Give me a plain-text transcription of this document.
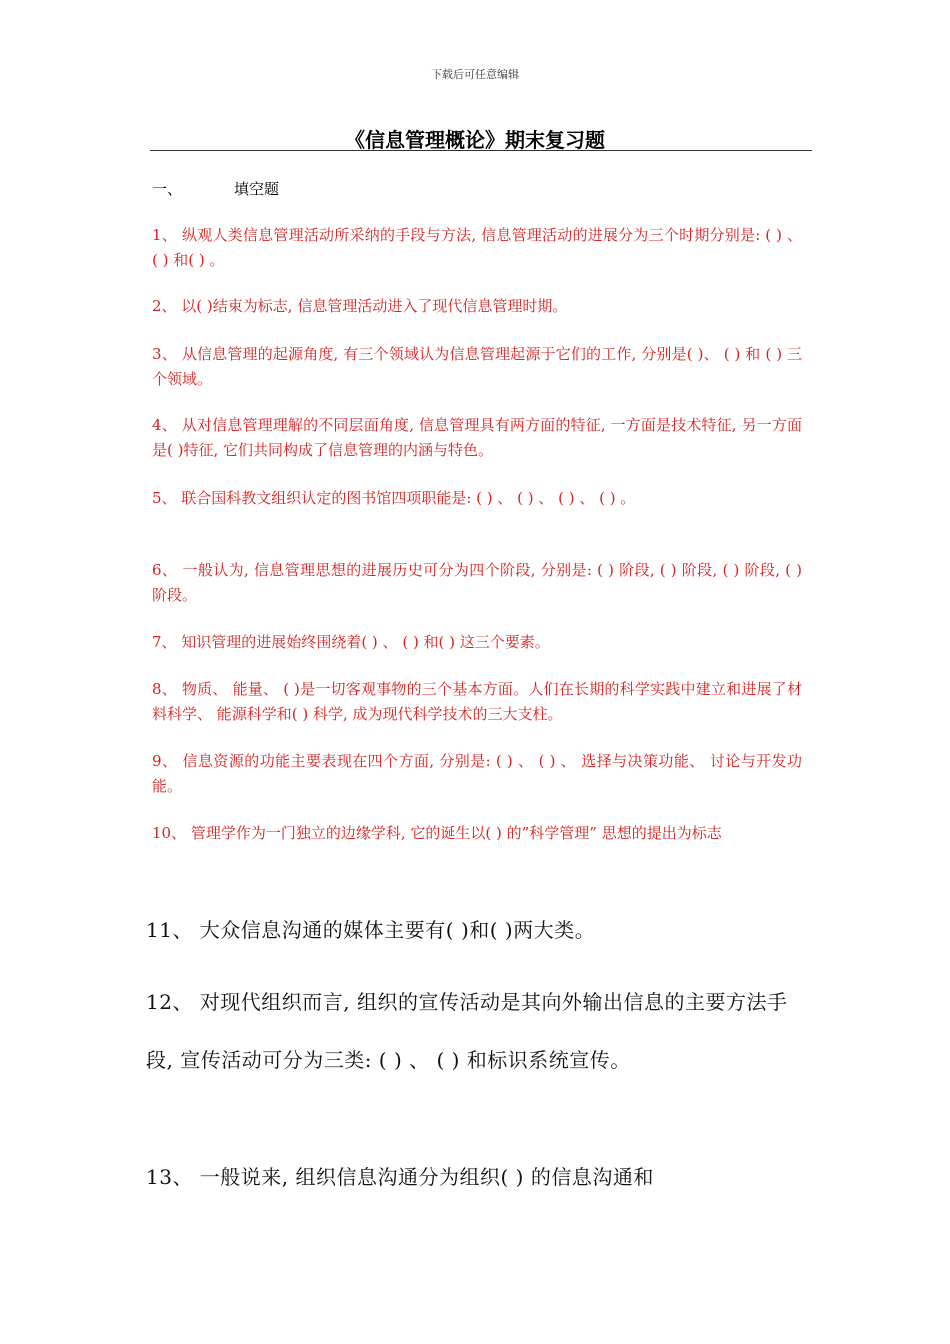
下载后可任意编辑
《信息管理概论》期末复习题
一、	填空题
1、 纵观人类信息管理活动所采纳的手段与方法, 信息管理活动的进展分为三个时期分别是: ( ) 、 ( ) 和( ) 。
2、 以( )结束为标志, 信息管理活动进入了现代信息管理时期。
3、 从信息管理的起源角度, 有三个领域认为信息管理起源于它们的工作, 分别是( )、 ( ) 和 ( ) 三个领域。
4、 从对信息管理理解的不同层面角度, 信息管理具有两方面的特征, 一方面是技术特征, 另一方面是( )特征, 它们共同构成了信息管理的内涵与特色。
5、 联合国科教文组织认定的图书馆四项职能是: ( ) 、 ( ) 、 ( ) 、 ( ) 。
6、 一般认为, 信息管理思想的进展历史可分为四个阶段, 分别是: ( ) 阶段, ( ) 阶段, ( ) 阶段, ( ) 阶段。
7、 知识管理的进展始终围绕着( ) 、 ( ) 和( ) 这三个要素。
8、 物质、 能量、 ( )是一切客观事物的三个基本方面。人们在长期的科学实践中建立和进展了材料科学、 能源科学和( ) 科学, 成为现代科学技术的三大支柱。
9、 信息资源的功能主要表现在四个方面, 分别是: ( ) 、 ( ) 、 选择与决策功能、 讨论与开发功能。
10、 管理学作为一门独立的边缘学科, 它的诞生以( ) 的”科学管理” 思想的提出为标志
11、 大众信息沟通的媒体主要有( )和( )两大类。
12、 对现代组织而言, 组织的宣传活动是其向外输出信息的主要方法手段, 宣传活动可分为三类: ( ) 、 ( ) 和标识系统宣传。
13、 一般说来, 组织信息沟通分为组织( ) 的信息沟通和
